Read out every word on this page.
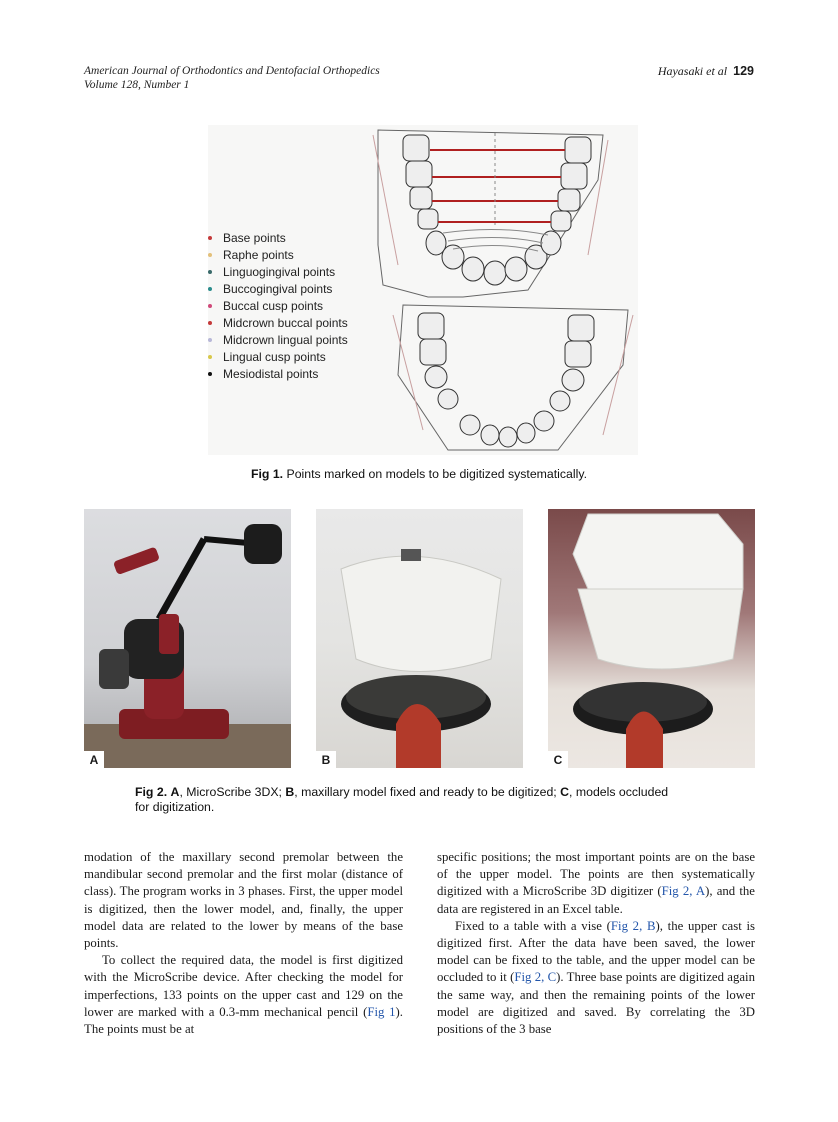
American Journal of Orthodontics and Dentofacial Orthopedics
Volume 128, Number 1
Hayasaki et al 129
Base points
Raphe points
Linguogingival points
Buccogingival points
Buccal cusp points
Midcrown buccal points
Midcrown lingual points
Lingual cusp points
Mesiodistal points
Fig 1. Points marked on models to be digitized systematically.
A	B	C
Fig 2. A, MicroScribe 3DX; B, maxillary model fixed and ready to be digitized; C, models occluded
for digitization.

modation of the maxillary second premolar between the mandibular second premolar and the first molar (distance of class). The program works in 3 phases. First, the upper model is digitized, then the lower model, and, finally, the upper model data are related to the lower by means of the base points.

To collect the required data, the model is first digitized with the MicroScribe device. After checking the model for imperfections, 133 points on the upper cast and 129 on the lower are marked with a 0.3-mm mechanical pencil (Fig 1). The points must be at

specific positions; the most important points are on the base of the upper model. The points are then systematically digitized with a MicroScribe 3D digitizer (Fig 2, A), and the data are registered in an Excel table.

Fixed to a table with a vise (Fig 2, B), the upper cast is digitized first. After the data have been saved, the lower model can be fixed to the table, and the upper model can be occluded to it (Fig 2, C). Three base points are digitized again the same way, and then the remaining points of the lower model are digitized and saved. By correlating the 3D positions of the 3 base
